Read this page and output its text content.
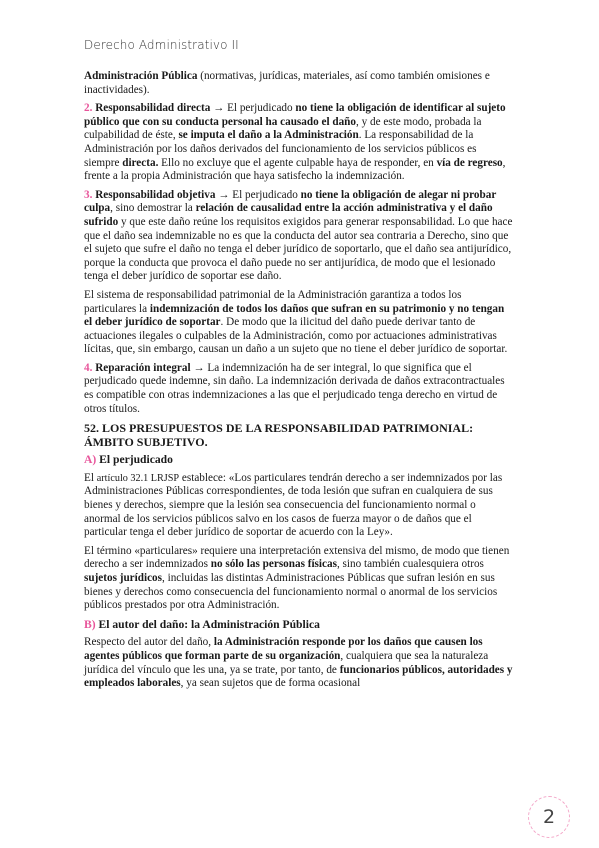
Derecho Administrativo II

Administración Pública (normativas, jurídicas, materiales, así como también omisiones e inactividades).

2. Responsabilidad directa → El perjudicado no tiene la obligación de identificar al sujeto público que con su conducta personal ha causado el daño, y de este modo, probada la culpabilidad de éste, se imputa el daño a la Administración. La responsabilidad de la Administración por los daños derivados del funcionamiento de los servicios públicos es siempre directa. Ello no excluye que el agente culpable haya de responder, en vía de regreso, frente a la propia Administración que haya satisfecho la indemnización.

3. Responsabilidad objetiva → El perjudicado no tiene la obligación de alegar ni probar culpa, sino demostrar la relación de causalidad entre la acción administrativa y el daño sufrido y que este daño reúne los requisitos exigidos para generar responsabilidad. Lo que hace que el daño sea indemnizable no es que la conducta del autor sea contraria a Derecho, sino que el sujeto que sufre el daño no tenga el deber jurídico de soportarlo, que el daño sea antijurídico, porque la conducta que provoca el daño puede no ser antijurídica, de modo que el lesionado tenga el deber jurídico de soportar ese daño.

El sistema de responsabilidad patrimonial de la Administración garantiza a todos los particulares la indemnización de todos los daños que sufran en su patrimonio y no tengan el deber jurídico de soportar. De modo que la ilicitud del daño puede derivar tanto de actuaciones ilegales o culpables de la Administración, como por actuaciones administrativas lícitas, que, sin embargo, causan un daño a un sujeto que no tiene el deber jurídico de soportar.

4. Reparación integral → La indemnización ha de ser integral, lo que significa que el perjudicado quede indemne, sin daño. La indemnización derivada de daños extracontractuales es compatible con otras indemnizaciones a las que el perjudicado tenga derecho en virtud de otros títulos.

52. LOS PRESUPUESTOS DE LA RESPONSABILIDAD PATRIMONIAL: ÁMBITO SUBJETIVO.
A) El perjudicado

El artículo 32.1 LRJSP establece: «Los particulares tendrán derecho a ser indemnizados por las Administraciones Públicas correspondientes, de toda lesión que sufran en cualquiera de sus bienes y derechos, siempre que la lesión sea consecuencia del funcionamiento normal o anormal de los servicios públicos salvo en los casos de fuerza mayor o de daños que el particular tenga el deber jurídico de soportar de acuerdo con la Ley».

El término «particulares» requiere una interpretación extensiva del mismo, de modo que tienen derecho a ser indemnizados no sólo las personas físicas, sino también cualesquiera otros sujetos jurídicos, incluidas las distintas Administraciones Públicas que sufran lesión en sus bienes y derechos como consecuencia del funcionamiento normal o anormal de los servicios públicos prestados por otra Administración.

B) El autor del daño: la Administración Pública

Respecto del autor del daño, la Administración responde por los daños que causen los agentes públicos que forman parte de su organización, cualquiera que sea la naturaleza jurídica del vínculo que les una, ya se trate, por tanto, de funcionarios públicos, autoridades y empleados laborales, ya sean sujetos que de forma ocasional

2
